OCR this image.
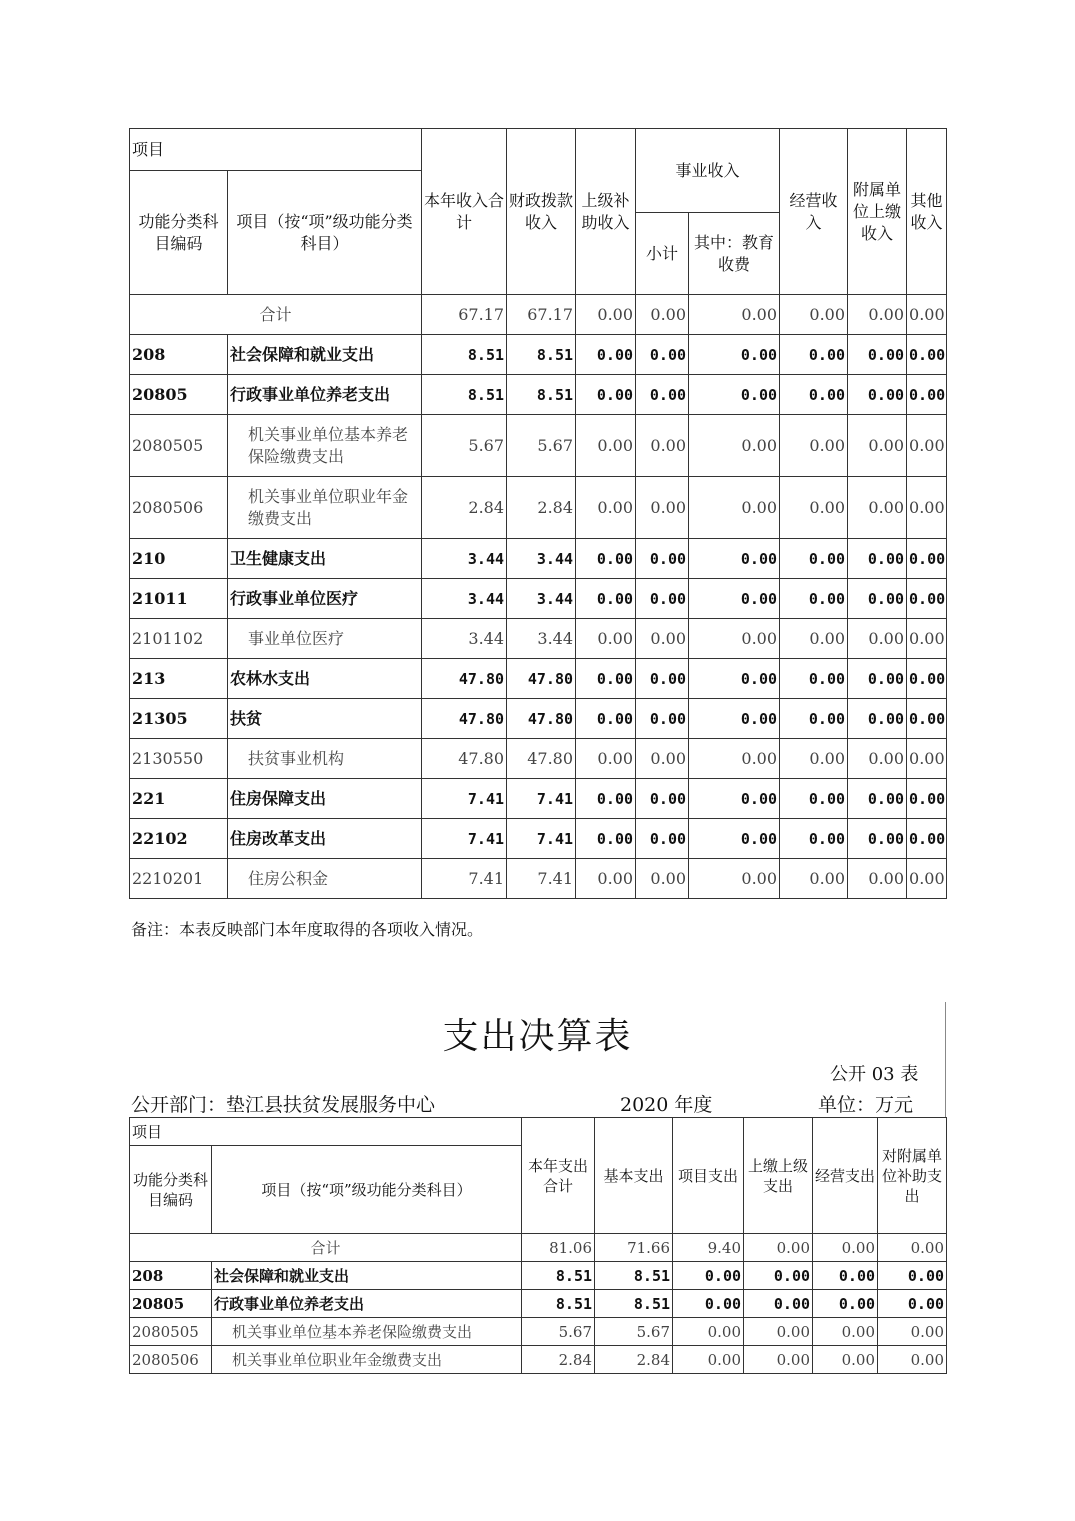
项目		本年收入合计	财政拨款收入	上级补助收入	事业收入		经营收入	附属单位上缴收入	其他收入
功能分类科目编码	项目（按“项”级功能分类科目）								
					小计	其中：教育收费			
合计		67.17	67.17	0.00	0.00	0.00	0.00	0.00	0.00
208	社会保障和就业支出	8.51	8.51	0.00	0.00	0.00	0.00	0.00	0.00
20805	行政事业单位养老支出	8.51	8.51	0.00	0.00	0.00	0.00	0.00	0.00
2080505	机关事业单位基本养老保险缴费支出	5.67	5.67	0.00	0.00	0.00	0.00	0.00	0.00
2080506	机关事业单位职业年金缴费支出	2.84	2.84	0.00	0.00	0.00	0.00	0.00	0.00
210	卫生健康支出	3.44	3.44	0.00	0.00	0.00	0.00	0.00	0.00
21011	行政事业单位医疗	3.44	3.44	0.00	0.00	0.00	0.00	0.00	0.00
2101102	事业单位医疗	3.44	3.44	0.00	0.00	0.00	0.00	0.00	0.00
213	农林水支出	47.80	47.80	0.00	0.00	0.00	0.00	0.00	0.00
21305	扶贫	47.80	47.80	0.00	0.00	0.00	0.00	0.00	0.00
2130550	扶贫事业机构	47.80	47.80	0.00	0.00	0.00	0.00	0.00	0.00
221	住房保障支出	7.41	7.41	0.00	0.00	0.00	0.00	0.00	0.00
22102	住房改革支出	7.41	7.41	0.00	0.00	0.00	0.00	0.00	0.00
2210201	住房公积金	7.41	7.41	0.00	0.00	0.00	0.00	0.00	0.00
备注：本表反映部门本年度取得的各项收入情况。
支出决算表
公开 03 表
公开部门：垫江县扶贫发展服务中心	2020 年度	单位：万元
项目		本年支出合计	基本支出	项目支出	上缴上级支出	经营支出	对附属单位补助支出
功能分类科目编码	项目（按“项”级功能分类科目）						
合计		81.06	71.66	9.40	0.00	0.00	0.00
208	社会保障和就业支出	8.51	8.51	0.00	0.00	0.00	0.00
20805	行政事业单位养老支出	8.51	8.51	0.00	0.00	0.00	0.00
2080505	机关事业单位基本养老保险缴费支出	5.67	5.67	0.00	0.00	0.00	0.00
2080506	机关事业单位职业年金缴费支出	2.84	2.84	0.00	0.00	0.00	0.00
